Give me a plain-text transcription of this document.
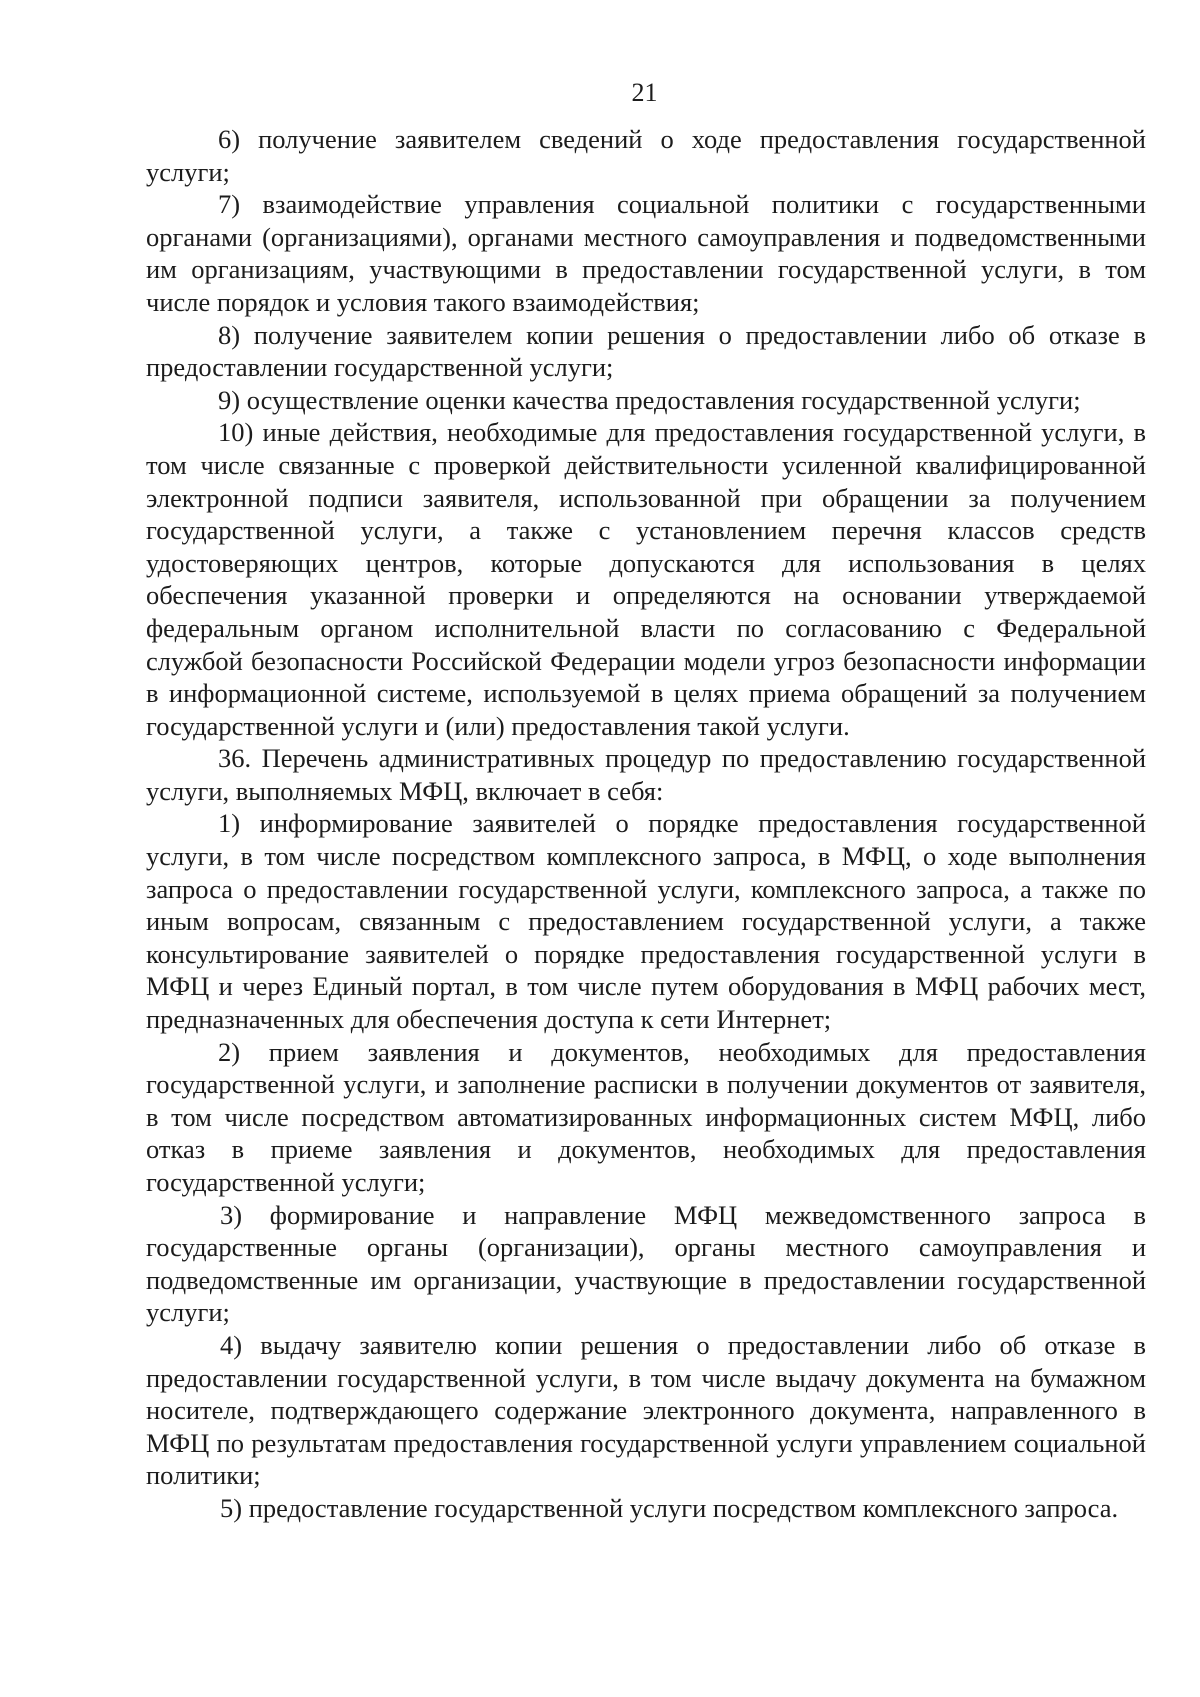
21

6) получение заявителем сведений о ходе предоставления государственной услуги;

7) взаимодействие управления социальной политики с государственными органами (организациями), органами местного самоуправления и подведомственными им организациям, участвующими в предоставлении государственной услуги, в том числе порядок и условия такого взаимодействия;

8) получение заявителем копии решения о предоставлении либо об отказе в предоставлении государственной услуги;

9) осуществление оценки качества предоставления государственной услуги;

10) иные действия, необходимые для предоставления государственной услуги, в том числе связанные с проверкой действительности усиленной квалифицированной электронной подписи заявителя, использованной при обращении за получением государственной услуги, а также с установлением перечня классов средств удостоверяющих центров, которые допускаются для использования в целях обеспечения указанной проверки и определяются на основании утверждаемой федеральным органом исполнительной власти по согласованию с Федеральной службой безопасности Российской Федерации модели угроз безопасности информации в информационной системе, используемой в целях приема обращений за получением государственной услуги и (или) предоставления такой услуги.

36. Перечень административных процедур по предоставлению государственной услуги, выполняемых МФЦ, включает в себя:

1) информирование заявителей о порядке предоставления государственной услуги, в том числе посредством комплексного запроса, в МФЦ, о ходе выполнения запроса о предоставлении государственной услуги, комплексного запроса, а также по иным вопросам, связанным с предоставлением государственной услуги, а также консультирование заявителей о порядке предоставления государственной услуги в МФЦ и через Единый портал, в том числе путем оборудования в МФЦ рабочих мест, предназначенных для обеспечения доступа к сети Интернет;

2) прием заявления и документов, необходимых для предоставления государственной услуги, и заполнение расписки в получении документов от заявителя, в том числе посредством автоматизированных информационных систем МФЦ, либо отказ в приеме заявления и документов, необходимых для предоставления государственной услуги;

3) формирование и направление МФЦ межведомственного запроса в государственные органы (организации), органы местного самоуправления и подведомственные им организации, участвующие в предоставлении государственной услуги;

4) выдачу заявителю копии решения о предоставлении либо об отказе в предоставлении государственной услуги, в том числе выдачу документа на бумажном носителе, подтверждающего содержание электронного документа, направленного в МФЦ по результатам предоставления государственной услуги управлением социальной политики;

5) предоставление государственной услуги посредством комплексного запроса.
